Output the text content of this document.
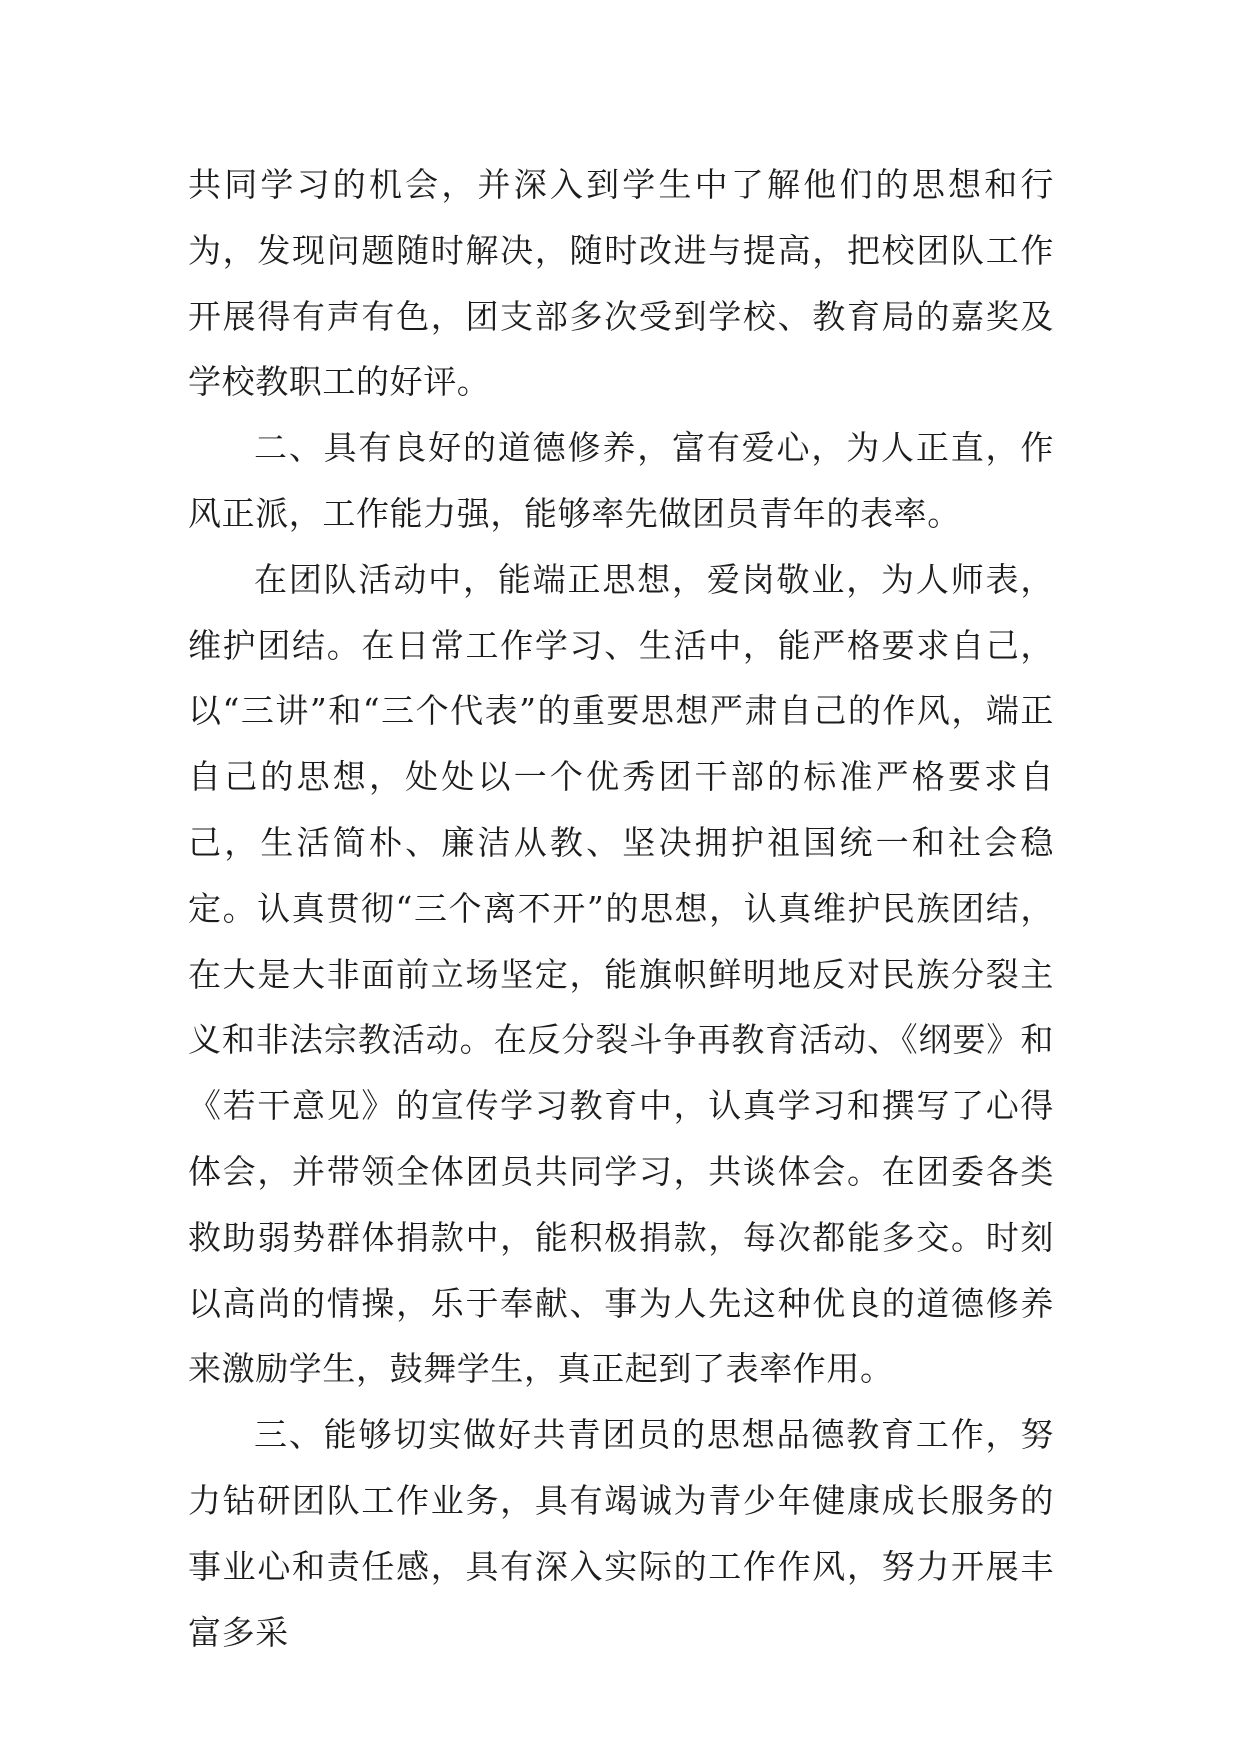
共同学习的机会，并深入到学生中了解他们的思想和行为，发现问题随时解决，随时改进与提高，把校团队工作开展得有声有色，团支部多次受到学校、教育局的嘉奖及学校教职工的好评。

二、具有良好的道德修养，富有爱心，为人正直，作风正派，工作能力强，能够率先做团员青年的表率。

在团队活动中，能端正思想，爱岗敬业，为人师表，维护团结。在日常工作学习、生活中，能严格要求自己，以“三讲”和“三个代表”的重要思想严肃自己的作风，端正自己的思想，处处以一个优秀团干部的标准严格要求自己，生活简朴、廉洁从教、坚决拥护祖国统一和社会稳定。认真贯彻“三个离不开”的思想，认真维护民族团结，在大是大非面前立场坚定，能旗帜鲜明地反对民族分裂主义和非法宗教活动。在反分裂斗争再教育活动、《纲要》和《若干意见》的宣传学习教育中，认真学习和撰写了心得体会，并带领全体团员共同学习，共谈体会。在团委各类救助弱势群体捐款中，能积极捐款，每次都能多交。时刻以高尚的情操，乐于奉献、事为人先这种优良的道德修养来激励学生，鼓舞学生，真正起到了表率作用。

三、能够切实做好共青团员的思想品德教育工作，努力钻研团队工作业务，具有竭诚为青少年健康成长服务的事业心和责任感，具有深入实际的工作作风，努力开展丰富多采
